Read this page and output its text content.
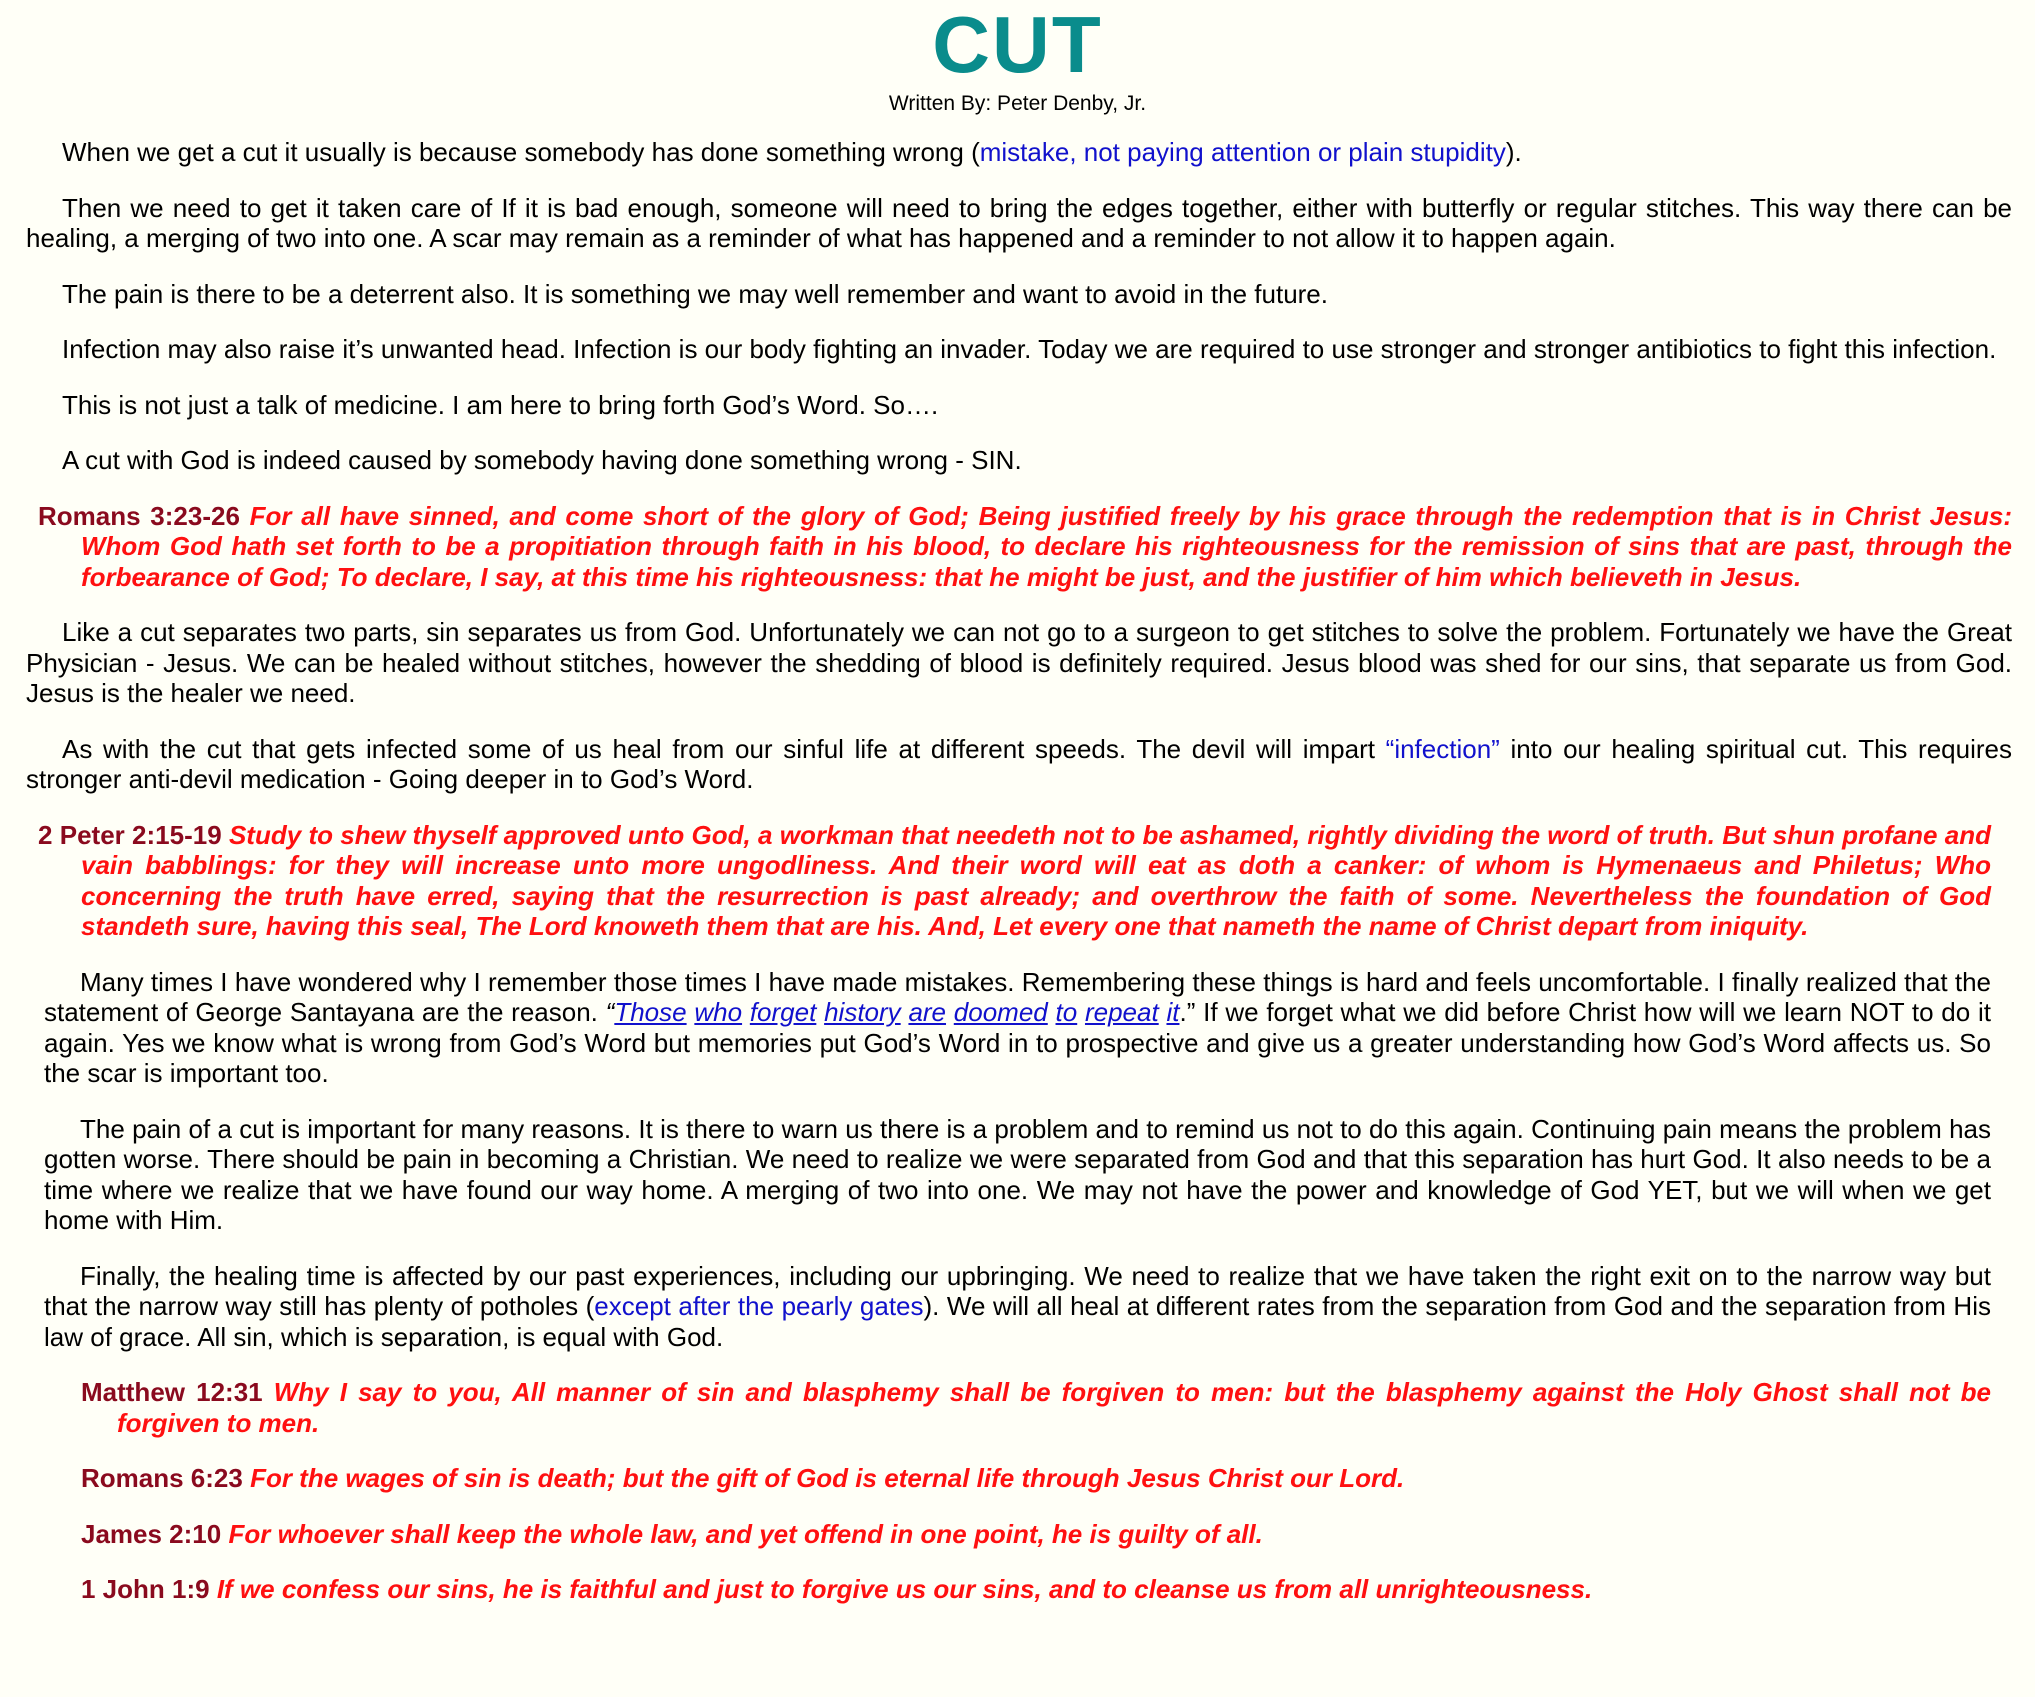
CUT
Written By: Peter Denby, Jr.

When we get a cut it usually is because somebody has done something wrong (mistake, not paying attention or plain stupidity).

Then we need to get it taken care of If it is bad enough, someone will need to bring the edges together, either with butterfly or regular stitches. This way there can be healing, a merging of two into one. A scar may remain as a reminder of what has happened and a reminder to not allow it to happen again.

The pain is there to be a deterrent also. It is something we may well remember and want to avoid in the future.

Infection may also raise it’s unwanted head. Infection is our body fighting an invader. Today we are required to use stronger and stronger antibiotics to fight this infection.

This is not just a talk of medicine. I am here to bring forth God’s Word. So….

A cut with God is indeed caused by somebody having done something wrong - SIN.

Romans 3:23-26 For all have sinned, and come short of the glory of God; Being justified freely by his grace through the redemption that is in Christ Jesus: Whom God hath set forth to be a propitiation through faith in his blood, to declare his righteousness for the remission of sins that are past, through the forbearance of God; To declare, I say, at this time his righteousness: that he might be just, and the justifier of him which believeth in Jesus.

Like a cut separates two parts, sin separates us from God. Unfortunately we can not go to a surgeon to get stitches to solve the problem. Fortunately we have the Great Physician - Jesus. We can be healed without stitches, however the shedding of blood is definitely required. Jesus blood was shed for our sins, that separate us from God. Jesus is the healer we need.

As with the cut that gets infected some of us heal from our sinful life at different speeds. The devil will impart “infection” into our healing spiritual cut. This requires stronger anti-devil medication - Going deeper in to God’s Word.

2 Peter 2:15-19 Study to shew thyself approved unto God, a workman that needeth not to be ashamed, rightly dividing the word of truth. But shun profane and vain babblings: for they will increase unto more ungodliness. And their word will eat as doth a canker: of whom is Hymenaeus and Philetus; Who concerning the truth have erred, saying that the resurrection is past already; and overthrow the faith of some. Nevertheless the foundation of God standeth sure, having this seal, The Lord knoweth them that are his. And, Let every one that nameth the name of Christ depart from iniquity.

Many times I have wondered why I remember those times I have made mistakes. Remembering these things is hard and feels uncomfortable. I finally realized that the statement of George Santayana are the reason. “Those who forget history are doomed to repeat it.” If we forget what we did before Christ how will we learn NOT to do it again. Yes we know what is wrong from God’s Word but memories put God’s Word in to prospective and give us a greater understanding how God’s Word affects us. So the scar is important too.

The pain of a cut is important for many reasons. It is there to warn us there is a problem and to remind us not to do this again. Continuing pain means the problem has gotten worse. There should be pain in becoming a Christian. We need to realize we were separated from God and that this separation has hurt God. It also needs to be a time where we realize that we have found our way home. A merging of two into one. We may not have the power and knowledge of God YET, but we will when we get home with Him.

Finally, the healing time is affected by our past experiences, including our upbringing. We need to realize that we have taken the right exit on to the narrow way but that the narrow way still has plenty of potholes (except after the pearly gates). We will all heal at different rates from the separation from God and the separation from His law of grace. All sin, which is separation, is equal with God.

Matthew 12:31 Why I say to you, All manner of sin and blasphemy shall be forgiven to men: but the blasphemy against the Holy Ghost shall not be forgiven to men.

Romans 6:23 For the wages of sin is death; but the gift of God is eternal life through Jesus Christ our Lord.

James 2:10 For whoever shall keep the whole law, and yet offend in one point, he is guilty of all.

1 John 1:9 If we confess our sins, he is faithful and just to forgive us our sins, and to cleanse us from all unrighteousness.
